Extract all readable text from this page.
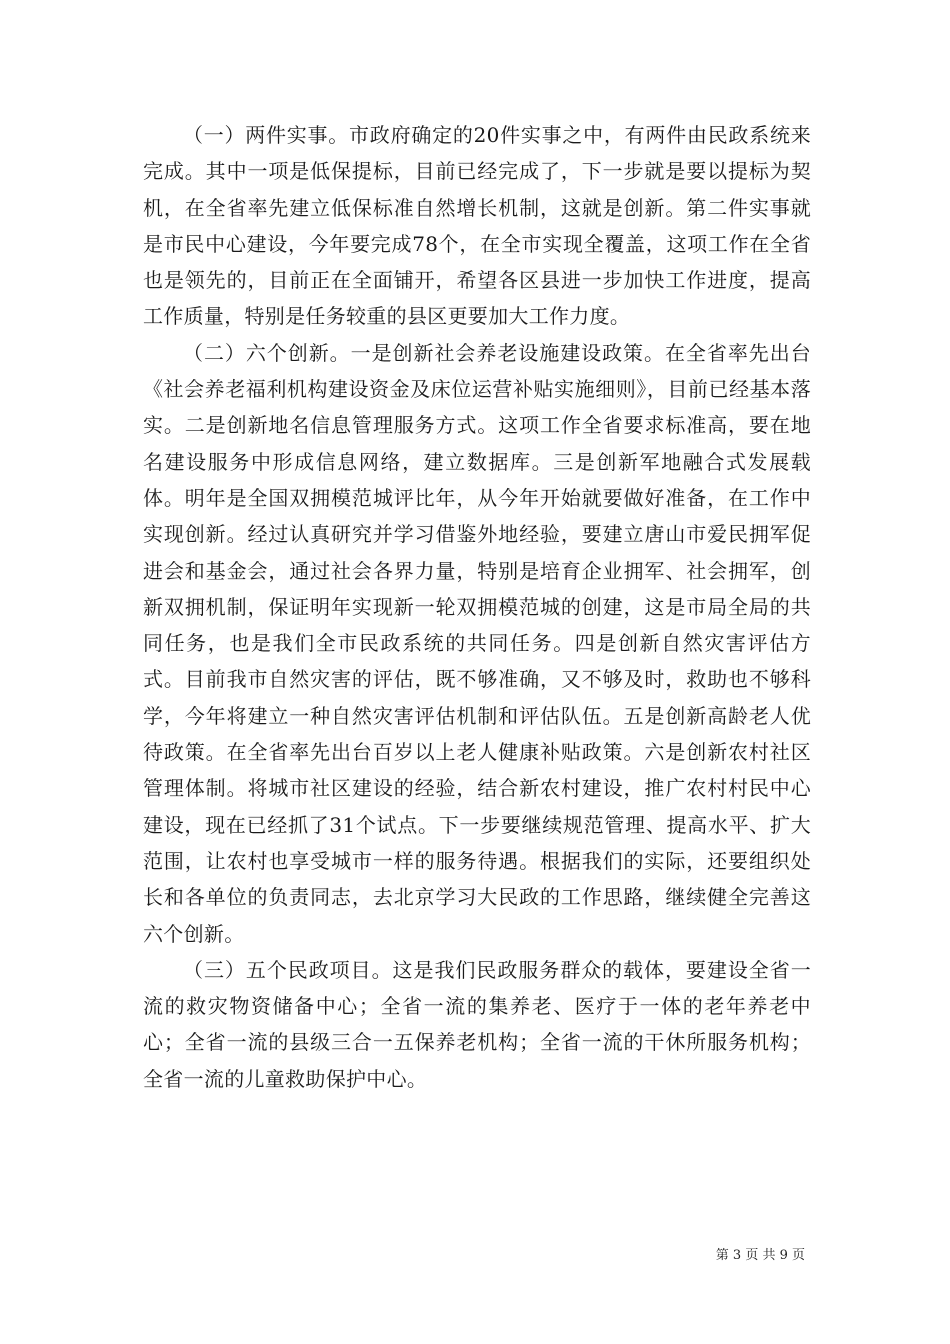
（一）两件实事。市政府确定的20件实事之中，有两件由民政系统来完成。其中一项是低保提标，目前已经完成了，下一步就是要以提标为契机，在全省率先建立低保标准自然增长机制，这就是创新。第二件实事就是市民中心建设，今年要完成78个，在全市实现全覆盖，这项工作在全省也是领先的，目前正在全面铺开，希望各区县进一步加快工作进度，提高工作质量，特别是任务较重的县区更要加大工作力度。

（二）六个创新。一是创新社会养老设施建设政策。在全省率先出台《社会养老福利机构建设资金及床位运营补贴实施细则》，目前已经基本落实。二是创新地名信息管理服务方式。这项工作全省要求标准高，要在地名建设服务中形成信息网络，建立数据库。三是创新军地融合式发展载体。明年是全国双拥模范城评比年，从今年开始就要做好准备，在工作中实现创新。经过认真研究并学习借鉴外地经验，要建立唐山市爱民拥军促进会和基金会，通过社会各界力量，特别是培育企业拥军、社会拥军，创新双拥机制，保证明年实现新一轮双拥模范城的创建，这是市局全局的共同任务，也是我们全市民政系统的共同任务。四是创新自然灾害评估方式。目前我市自然灾害的评估，既不够准确，又不够及时，救助也不够科学，今年将建立一种自然灾害评估机制和评估队伍。五是创新高龄老人优待政策。在全省率先出台百岁以上老人健康补贴政策。六是创新农村社区管理体制。将城市社区建设的经验，结合新农村建设，推广农村村民中心建设，现在已经抓了31个试点。下一步要继续规范管理、提高水平、扩大范围，让农村也享受城市一样的服务待遇。根据我们的实际，还要组织处长和各单位的负责同志，去北京学习大民政的工作思路，继续健全完善这六个创新。

（三）五个民政项目。这是我们民政服务群众的载体，要建设全省一流的救灾物资储备中心；全省一流的集养老、医疗于一体的老年养老中心；全省一流的县级三合一五保养老机构；全省一流的干休所服务机构；全省一流的儿童救助保护中心。

第 3 页 共 9 页
